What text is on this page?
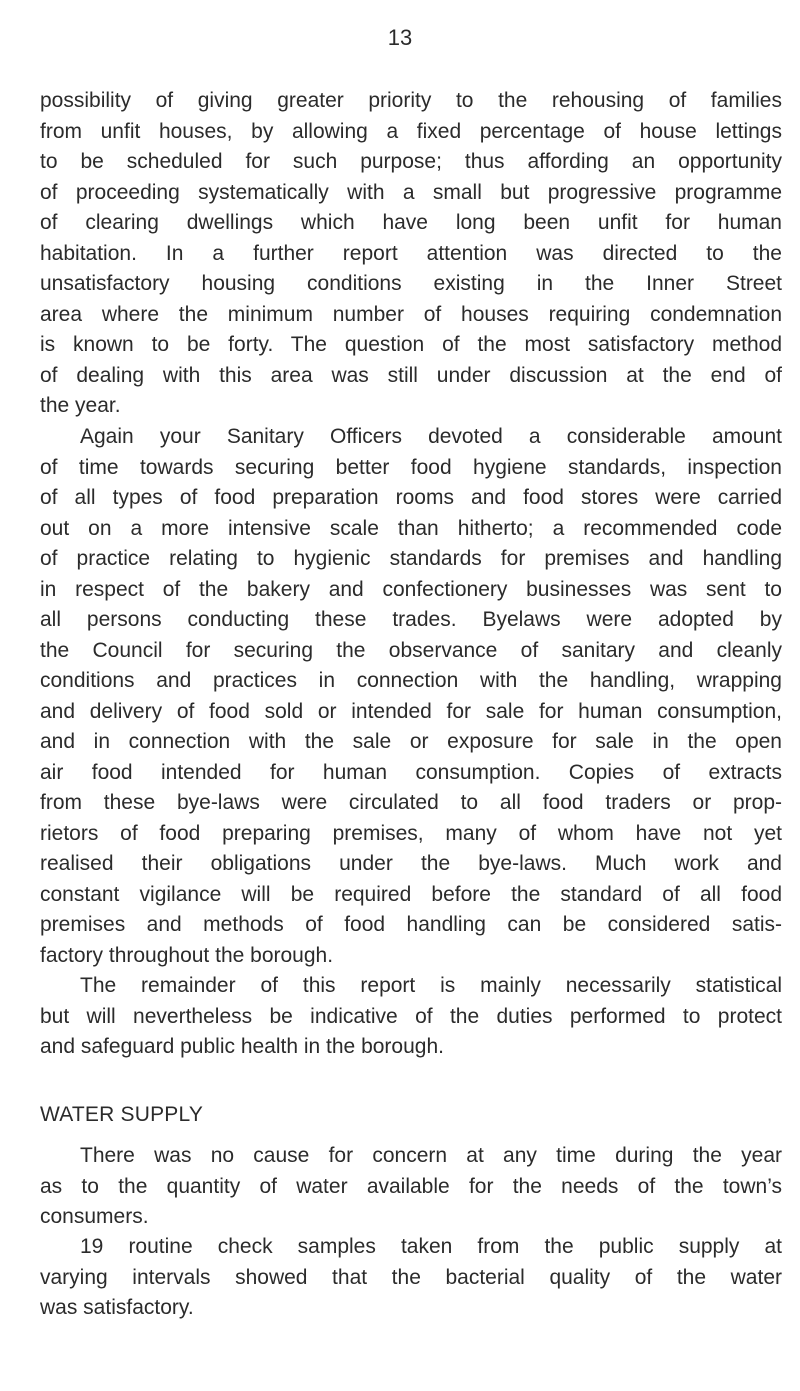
13
possibility of giving greater priority to the rehousing of families
from unfit houses, by allowing a fixed percentage of house lettings
to be scheduled for such purpose; thus affording an opportunity
of proceeding systematically with a small but progressive programme
of clearing dwellings which have long been unfit for human
habitation. In a further report attention was directed to the
unsatisfactory housing conditions existing in the Inner Street
area where the minimum number of houses requiring condemnation
is known to be forty. The question of the most satisfactory method
of dealing with this area was still under discussion at the end of
the year.
Again your Sanitary Officers devoted a considerable amount
of time towards securing better food hygiene standards, inspection
of all types of food preparation rooms and food stores were carried
out on a more intensive scale than hitherto; a recommended code
of practice relating to hygienic standards for premises and handling
in respect of the bakery and confectionery businesses was sent to
all persons conducting these trades. Byelaws were adopted by
the Council for securing the observance of sanitary and cleanly
conditions and practices in connection with the handling, wrapping
and delivery of food sold or intended for sale for human consumption,
and in connection with the sale or exposure for sale in the open
air food intended for human consumption. Copies of extracts
from these bye-laws were circulated to all food traders or prop-
rietors of food preparing premises, many of whom have not yet
realised their obligations under the bye-laws. Much work and
constant vigilance will be required before the standard of all food
premises and methods of food handling can be considered satis-
factory throughout the borough.
The remainder of this report is mainly necessarily statistical
but will nevertheless be indicative of the duties performed to protect
and safeguard public health in the borough.
WATER SUPPLY
There was no cause for concern at any time during the year
as to the quantity of water available for the needs of the town’s
consumers.
19 routine check samples taken from the public supply at
varying intervals showed that the bacterial quality of the water
was satisfactory.
